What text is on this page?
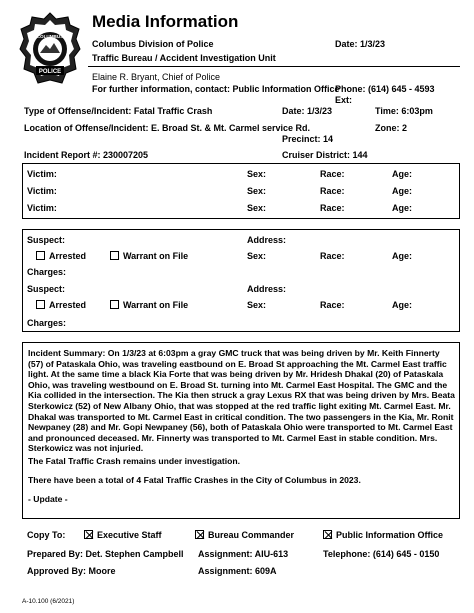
POLICE
COLUMBUS
Media Information
Columbus Division of Police	Date: 1/3/23
Traffic Bureau / Accident Investigation Unit
Elaine R. Bryant, Chief of Police
For further information, contact: Public Information Office
Phone: (614) 645 - 4593
Ext:
Type of Offense/Incident: Fatal Traffic Crash	Date: 1/3/23	Time: 6:03pm
Location of Offense/Incident: E. Broad St. & Mt. Carmel service Rd.	Zone: 2
Precinct: 14
Incident Report #: 230007205	Cruiser District: 144
Victim:	Sex:	Race:	Age:
Victim:	Sex:	Race:	Age:
Victim:	Sex:	Race:	Age:
Suspect:	Address:
Arrested	Warrant on File	Sex:	Race:	Age:
Charges:
Suspect:	Address:
Arrested	Warrant on File	Sex:	Race:	Age:
Charges:
Incident Summary: On 1/3/23 at 6:03pm a gray GMC truck that was being driven by Mr. Keith Finnerty (57) of Pataskala Ohio, was traveling eastbound on E. Broad St approaching the Mt. Carmel East traffic light. At the same time a black Kia Forte that was being driven by Mr. Hridesh Dhakal (20) of Pataskala Ohio, was traveling westbound on E. Broad St. turning into Mt. Carmel East Hospital. The GMC and the Kia collided in the intersection. The Kia then struck a gray Lexus RX that was being driven by Mrs. Beata Sterkowicz (52) of New Albany Ohio, that was stopped at the red traffic light exiting Mt. Carmel East. Mr. Dhakal was transported to Mt. Carmel East in critical condition. The two passengers in the Kia, Mr. Ronit Newpaney (28) and Mr. Gopi Newpaney (56), both of Pataskala Ohio were transported to Mt. Carmel East and pronounced deceased. Mr. Finnerty was transported to Mt. Carmel East in stable condition. Mrs. Sterkowicz was not injuried.
The Fatal Traffic Crash remains under investigation.
There have been a total of 4 Fatal Traffic Crashes in the City of Columbus in 2023.
- Update -
Copy To:	Executive Staff	Bureau Commander	Public Information Office
Prepared By: Det. Stephen Campbell Assignment: AIU-613	Telephone: (614) 645 - 0150
Approved By: Moore	Assignment: 609A
A-10.100 (6/2021)
